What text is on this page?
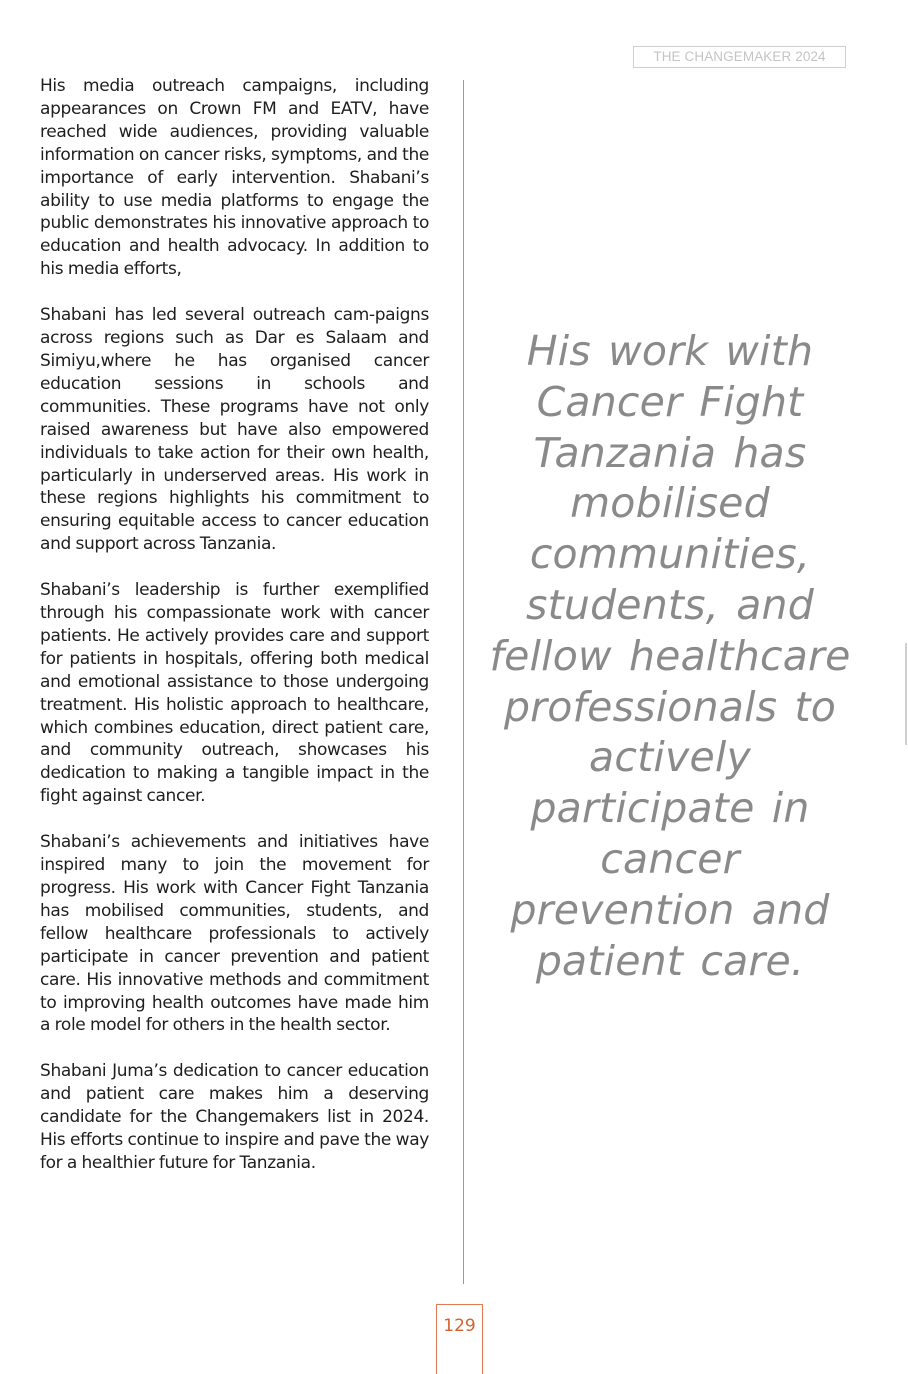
THE CHANGEMAKER 2024

His media outreach campaigns, including appearances on Crown FM and EATV, have reached wide audiences, providing valuable information on cancer risks, symptoms, and the importance of early intervention. Shabani’s ability to use media platforms to engage the public demonstrates his innovative approach to education and health advocacy. In addition to his media efforts,

Shabani has led several outreach cam-paigns across regions such as Dar es Salaam and Simiyu,where he has organised cancer education sessions in schools and communities. These programs have not only raised awareness but have also empowered individuals to take action for their own health, particularly in underserved areas. His work in these regions highlights his commitment to ensuring equitable access to cancer education and support across Tanzania.

Shabani’s leadership is further exemplified through his compassionate work with cancer patients. He actively provides care and support for patients in hospitals, offering both medical and emotional assistance to those undergoing treatment. His holistic approach to healthcare, which combines education, direct patient care, and community outreach, showcases his dedication to making a tangible impact in the fight against cancer.

Shabani’s achievements and initiatives have inspired many to join the movement for progress. His work with Cancer Fight Tanzania has mobilised communities, students, and fellow healthcare professionals to actively participate in cancer prevention and patient care. His innovative methods and commitment to improving health outcomes have made him a role model for others in the health sector.

Shabani Juma’s dedication to cancer education and patient care makes him a deserving candidate for the Changemakers list in 2024. His efforts continue to inspire and pave the way for a healthier future for Tanzania.

His work with Cancer Fight Tanzania has mobilised communities, students, and fellow healthcare professionals to actively participate in cancer prevention and patient care.

129
